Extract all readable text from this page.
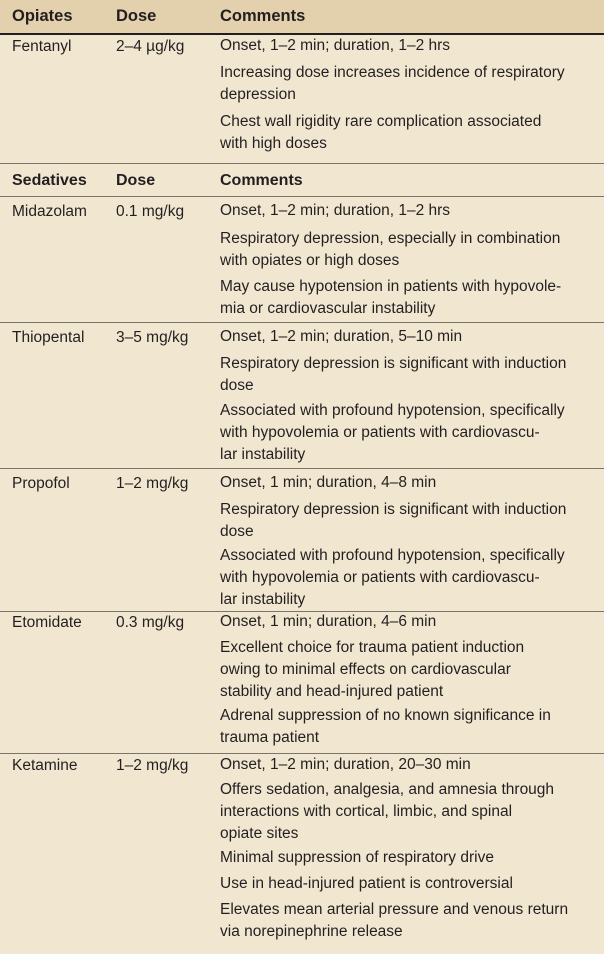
Opiates	Dose	Comments
Fentanyl	2–4 µg/kg Onset, 1–2 min; duration, 1–2 hrs
Increasing dose increases incidence of respiratory
depression
Chest wall rigidity rare complication associated
with high doses
Sedatives Dose	Comments
Midazolam 0.1 mg/kg Onset, 1–2 min; duration, 1–2 hrs
Respiratory depression, especially in combination
with opiates or high doses
May cause hypotension in patients with hypovole-
mia or cardiovascular instability
Thiopental 3–5 mg/kg Onset, 1–2 min; duration, 5–10 min
Respiratory depression is significant with induction
dose
Associated with profound hypotension, specifically
with hypovolemia or patients with cardiovascu-
lar instability
Propofol	1–2 mg/kg Onset, 1 min; duration, 4–8 min
Respiratory depression is significant with induction
dose
Associated with profound hypotension, specifically
with hypovolemia or patients with cardiovascu-
lar instability
Etomidate 0.3 mg/kg Onset, 1 min; duration, 4–6 min
Excellent choice for trauma patient induction
owing to minimal effects on cardiovascular
stability and head-injured patient
Adrenal suppression of no known significance in
trauma patient
Ketamine 1–2 mg/kg Onset, 1–2 min; duration, 20–30 min
Offers sedation, analgesia, and amnesia through
interactions with cortical, limbic, and spinal
opiate sites
Minimal suppression of respiratory drive
Use in head-injured patient is controversial
Elevates mean arterial pressure and venous return
via norepinephrine release
